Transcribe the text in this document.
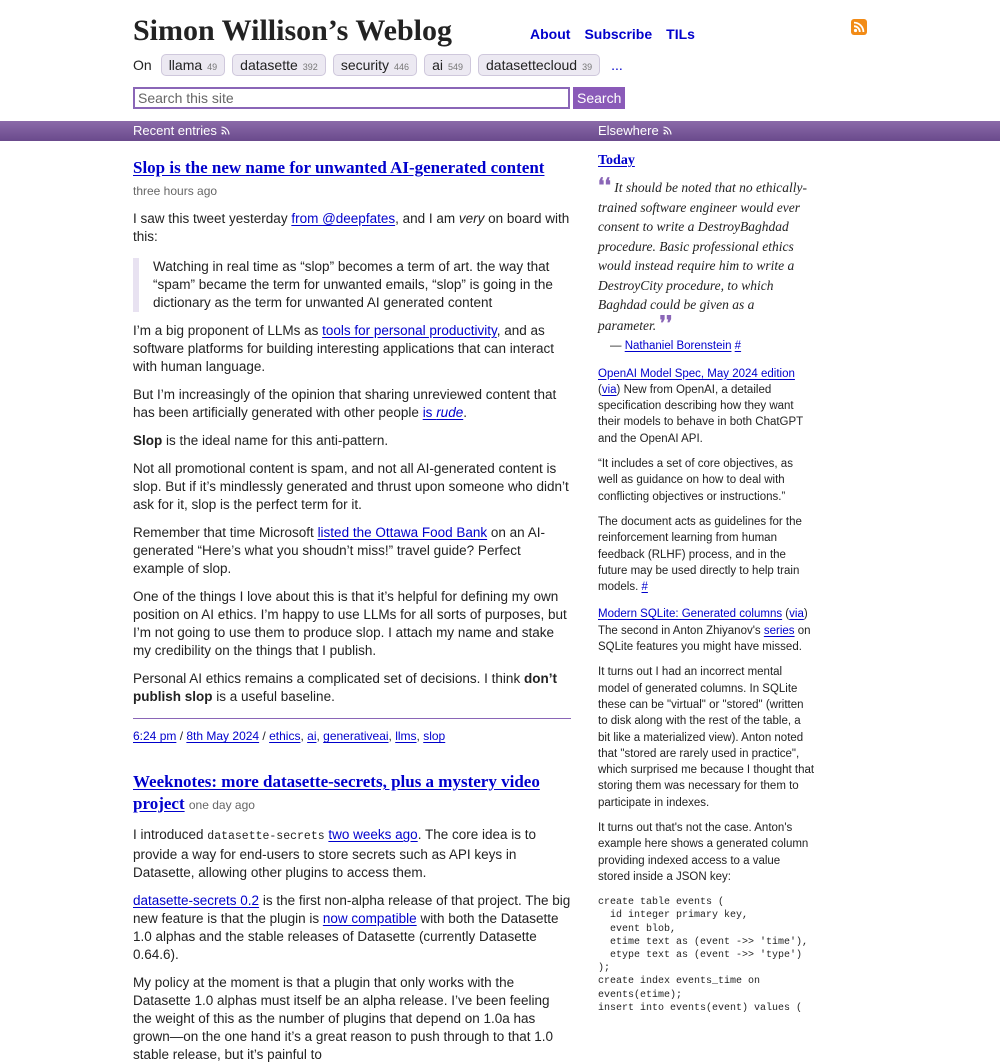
Simon Willison’s Weblog	About Subscribe TILs
On llama 49 datasette 392 security 446 ai 549 datasettecloud 39 ...
Search this site
Search
Recent entries	Elsewhere
Slop is the new name for unwanted AI-generated content
three hours ago

I saw this tweet yesterday from @deepfates, and I am very on board with this:

Watching in real time as “slop” becomes a term of art. the way that “spam” became the term for unwanted emails, “slop” is going in the dictionary as the term for unwanted AI generated content

I’m a big proponent of LLMs as tools for personal productivity, and as software platforms for building interesting applications that can interact with human language.

But I’m increasingly of the opinion that sharing unreviewed content that has been artificially generated with other people is rude.

Slop is the ideal name for this anti-pattern.

Not all promotional content is spam, and not all AI-generated content is slop. But if it’s mindlessly generated and thrust upon someone who didn’t ask for it, slop is the perfect term for it.

Remember that time Microsoft listed the Ottawa Food Bank on an AI-generated “Here’s what you shoudn’t miss!” travel guide? Perfect example of slop.

One of the things I love about this is that it’s helpful for defining my own position on AI ethics. I’m happy to use LLMs for all sorts of purposes, but I’m not going to use them to produce slop. I attach my name and stake my credibility on the things that I publish.

Personal AI ethics remains a complicated set of decisions. I think don’t publish slop is a useful baseline.

6:24 pm / 8th May 2024 / ethics, ai, generativeai, llms, slop
Weeknotes: more datasette-secrets, plus a mystery video project one day ago

I introduced datasette-secrets two weeks ago. The core idea is to provide a way for end-users to store secrets such as API keys in Datasette, allowing other plugins to access them.

datasette-secrets 0.2 is the first non-alpha release of that project. The big new feature is that the plugin is now compatible with both the Datasette 1.0 alphas and the stable releases of Datasette (currently Datasette 0.64.6).

My policy at the moment is that a plugin that only works with the Datasette 1.0 alphas must itself be an alpha release. I’ve been feeling the weight of this as the number of plugins that depend on 1.0a has grown—on the one hand it’s a great reason to push through to that 1.0 stable release, but it’s painful to

Today
❛❛ It should be noted that no ethically-trained software engineer would ever consent to write a DestroyBaghdad procedure. Basic professional ethics would instead require him to write a DestroyCity procedure, to which Baghdad could be given as a parameter. ❜❜
— Nathaniel Borenstein #

OpenAI Model Spec, May 2024 edition
(via) New from OpenAI, a detailed specification describing how they want their models to behave in both ChatGPT and the OpenAI API.

“It includes a set of core objectives, as well as guidance on how to deal with conflicting objectives or instructions.”

The document acts as guidelines for the reinforcement learning from human feedback (RLHF) process, and in the future may be used directly to help train models. #

Modern SQLite: Generated columns (via) The second in Anton Zhiyanov's series on SQLite features you might have missed.

It turns out I had an incorrect mental model of generated columns. In SQLite these can be "virtual" or "stored" (written to disk along with the rest of the table, a bit like a materialized view). Anton noted that "stored are rarely used in practice", which surprised me because I thought that storing them was necessary for them to participate in indexes.

It turns out that's not the case. Anton's example here shows a generated column providing indexed access to a value stored inside a JSON key:

create table events (
id integer primary key,
event blob,
etime text as (event ->> 'time'),
etype text as (event ->> 'type')
);
create index events_time on
events(etime);
insert into events(event) values (
